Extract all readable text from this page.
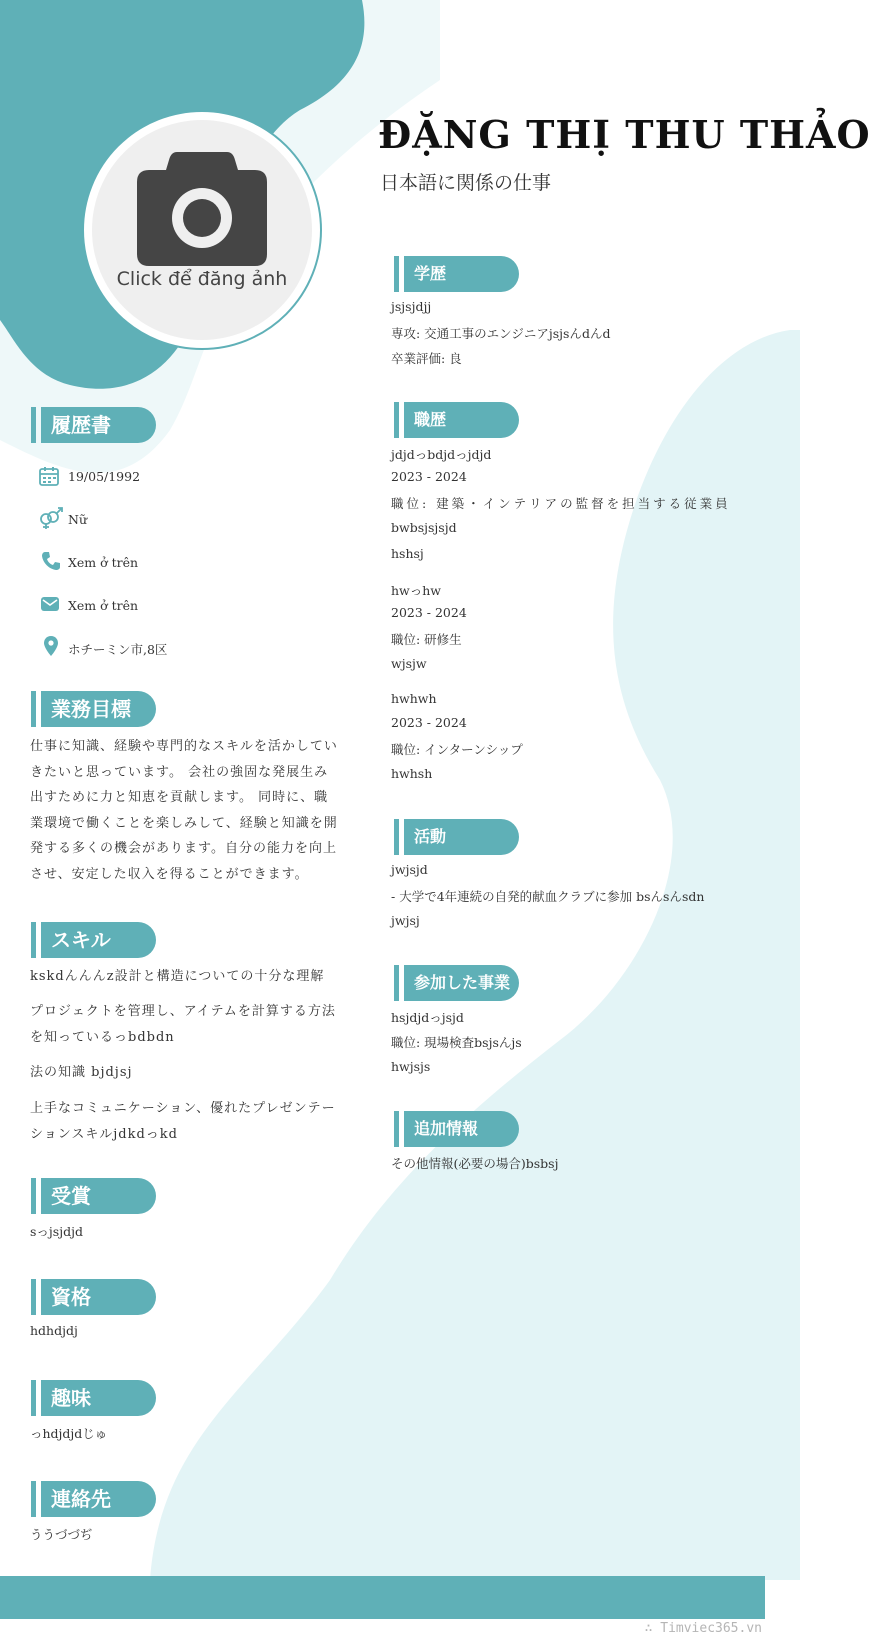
Click để đăng ảnh
ĐẶNG THỊ THU THẢO
日本語に関係の仕事
履歴書
19/05/1992
Nữ
Xem ở trên
Xem ở trên
ホチーミン市,8区
業務目標
仕事に知識、経験や専門的なスキルを活かしてい
きたいと思っています。 会社の強固な発展生み
出すために力と知恵を貢献します。 同時に、職
業環境で働くことを楽しみして、経験と知識を開
発する多くの機会があります。自分の能力を向上
させ、安定した収入を得ることができます。
スキル
kskdんんんz設計と構造についての十分な理解
プロジェクトを管理し、アイテムを計算する方法
を知っているっbdbdn
法の知識 bjdjsj
上手なコミュニケーション、優れたプレゼンテー
ションスキルjdkdっkd
受賞
sっjsjdjd
資格
hdhdjdj
趣味
っhdjdjdじゅ
連絡先
ううづづぢ
学歴
jsjsjdjj
専攻: 交通工事のエンジニアjsjsんdんd
卒業評価: 良
職歴
jdjdっbdjdっjdjd
2023 - 2024
職位: 建築・インテリアの監督を担当する従業員
bwbsjsjsjd
hshsj
hwっhw
2023 - 2024
職位: 研修生
wjsjw
hwhwh
2023 - 2024
職位: インターンシップ
hwhsh
活動
jwjsjd
- 大学で4年連続の自発的献血クラブに参加 bsんsんsdn
jwjsj
参加した事業
hsjdjdっjsjd
職位: 現場検査bsjsんjs
hwjsjs
追加情報
その他情報(必要の場合)bsbsj
∴ Timviec365.vn
